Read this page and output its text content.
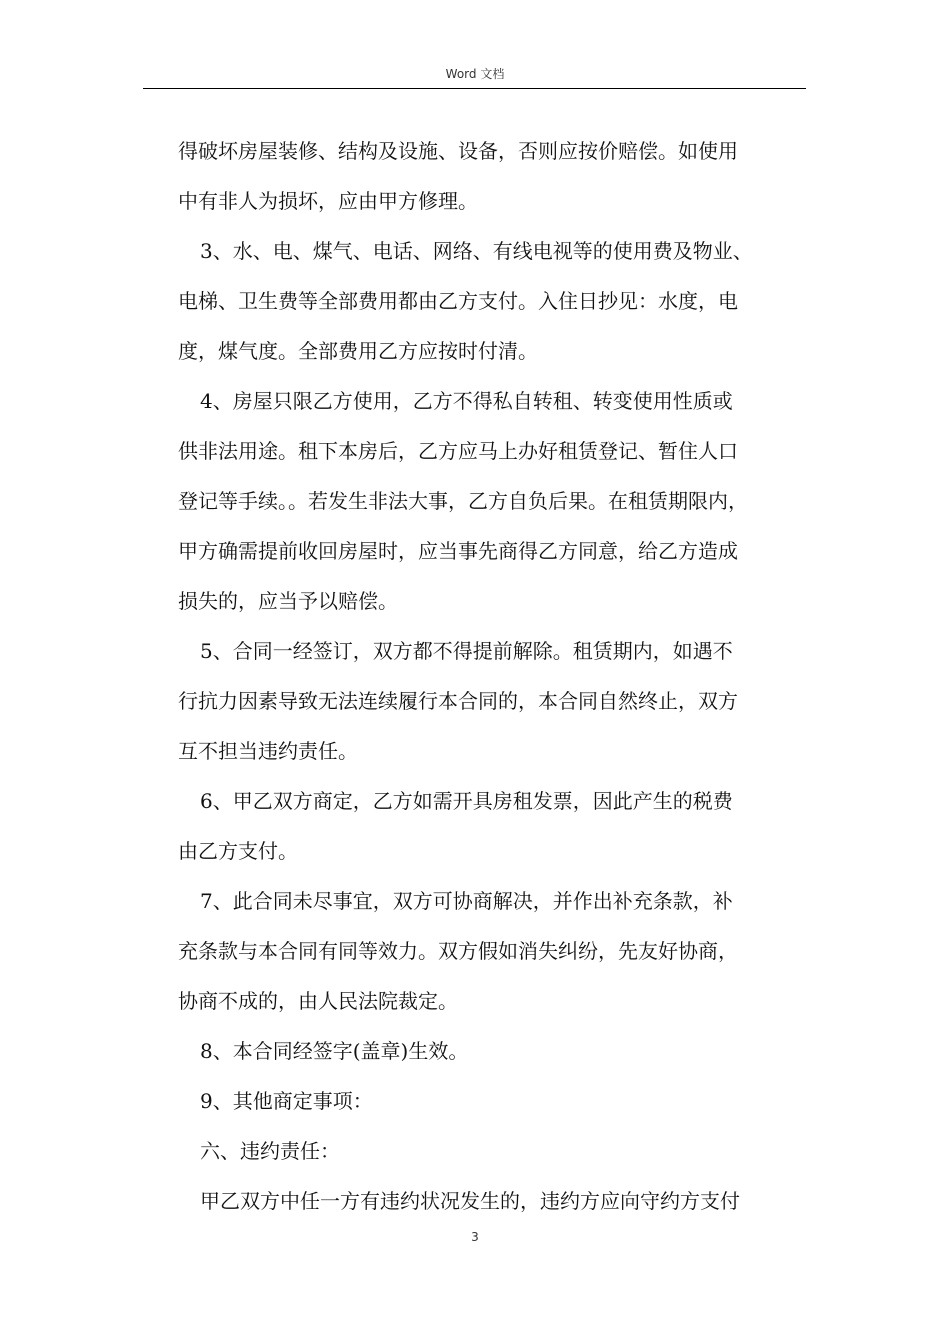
Word 文档
得破坏房屋装修、结构及设施、设备，否则应按价赔偿。如使用
中有非人为损坏，应由甲方修理。
3、水、电、煤气、电话、网络、有线电视等的使用费及物业、
电梯、卫生费等全部费用都由乙方支付。入住日抄见：水度，电
度，煤气度。全部费用乙方应按时付清。
4、房屋只限乙方使用，乙方不得私自转租、转变使用性质或
供非法用途。租下本房后，乙方应马上办好租赁登记、暂住人口
登记等手续。。若发生非法大事，乙方自负后果。在租赁期限内，
甲方确需提前收回房屋时，应当事先商得乙方同意，给乙方造成
损失的，应当予以赔偿。
5、合同一经签订，双方都不得提前解除。租赁期内，如遇不
行抗力因素导致无法连续履行本合同的，本合同自然终止，双方
互不担当违约责任。
6、甲乙双方商定，乙方如需开具房租发票，因此产生的税费
由乙方支付。
7、此合同未尽事宜，双方可协商解决，并作出补充条款，补
充条款与本合同有同等效力。双方假如消失纠纷，先友好协商，
协商不成的，由人民法院裁定。
8、本合同经签字(盖章)生效。
9、其他商定事项：
六、违约责任：
甲乙双方中任一方有违约状况发生的，违约方应向守约方支付
3
